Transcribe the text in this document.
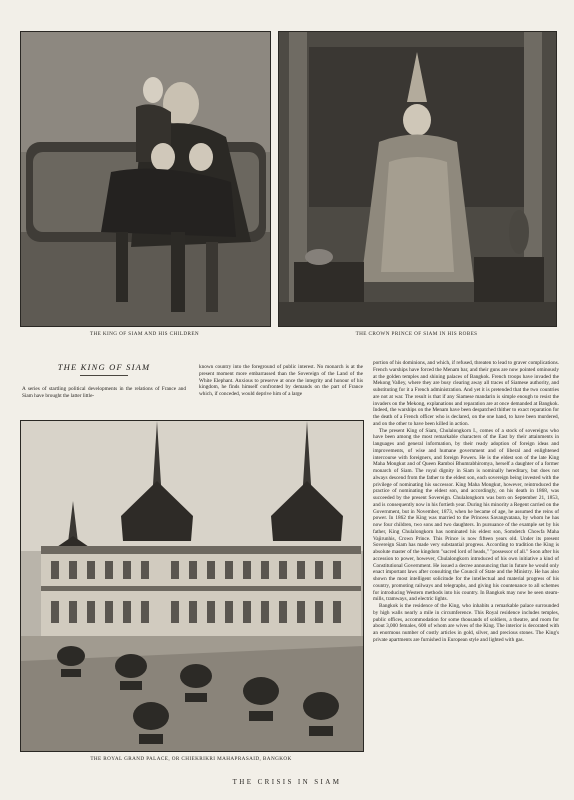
THE KING OF SIAM AND HIS CHILDREN	THE CROWN PRINCE OF SIAM IN HIS ROBES
THE KING OF SIAM

A series of startling political developments in the relations of France and Siam have brought the latter little-

known country into the foreground of public interest. No monarch is at the present moment more embarrassed than the Sovereign of the Land of the White Elephant. Anxious to preserve at once the integrity and honour of his kingdom, he finds himself confronted by demands on the part of France which, if conceded, would deprive him of a large

portion of his dominions, and which, if refused, threaten to lead to graver complications. French warships have forced the Menam bar, and their guns are now pointed ominously at the golden temples and shining palaces of Bangkok. French troops have invaded the Mekong Valley, where they are busy clearing away all traces of Siamese authority, and substituting for it a French administration. And yet it is pretended that the two countries are not at war. The result is that if any Siamese mandarin is simple enough to resist the invaders on the Mekong, explanations and reparation are at once demanded at Bangkok. Indeed, the warships on the Menam have been despatched thither to exact reparation for the death of a French officer who is declared, on the one hand, to have been murdered, and on the other to have been killed in action.

The present King of Siam, Chulalongkorn I., comes of a stock of sovereigns who have been among the most remarkable characters of the East by their attainments in languages and general information, by their ready adoption of foreign ideas and improvements, of wise and humane government and of liberal and enlightened intercourse with foreigners, and foreign Powers. He is the eldest son of the late King Maha Mongkut and of Queen Ramboi Bhumrabhiromya, herself a daughter of a former monarch of Siam. The royal dignity in Siam is nominally hereditary, but does not always descend from the father to the eldest son, each sovereign being invested with the privilege of nominating his successor. King Maha Mongkut, however, reintroduced the practice of nominating the eldest son, and accordingly, on his death in 1868, was succeeded by the present Sovereign. Chulalongkorn was born on September 21, 1853, and is consequently now in his fortieth year. During his minority a Regent carried on the Government, but in November, 1873, when he became of age, he assumed the reins of power. In 1862 the King was married to the Princess Savangvatana, by whom he has now four children, two sons and two daughters. In pursuance of the example set by his father, King Chulalongkorn has nominated his eldest son, Somdetch Chowfa Maha Vajirunhis, Crown Prince. This Prince is now fifteen years old. Under its present Sovereign Siam has made very substantial progress. According to tradition the King is absolute master of the kingdom "sacred lord of heads," "possessor of all." Soon after his accession to power, however, Chulalongkorn introduced of his own initiative a kind of Constitutional Government. He issued a decree announcing that in future he would only enact important laws after consulting the Council of State and the Ministry. He has also shown the most intelligent solicitude for the intellectual and material progress of his country, promoting railways and telegraphs, and giving his countenance to all schemes for introducing Western methods into his country. In Bangkok may now be seen steam-mills, tramways, and electric lights.

Bangkok is the residence of the King, who inhabits a remarkable palace surrounded by high walls nearly a mile in circumference. This Royal residence includes temples, public offices, accommodation for some thousands of soldiers, a theatre, and room for about 3,000 females, 600 of whom are wives of the King. The interior is decorated with an enormous number of costly articles in gold, silver, and precious stones. The King's private apartments are furnished in European style and lighted with gas.

THE ROYAL GRAND PALACE, OR CHIEKRIKRI MAHAPRASAID, BANGKOK
THE CRISIS IN SIAM
